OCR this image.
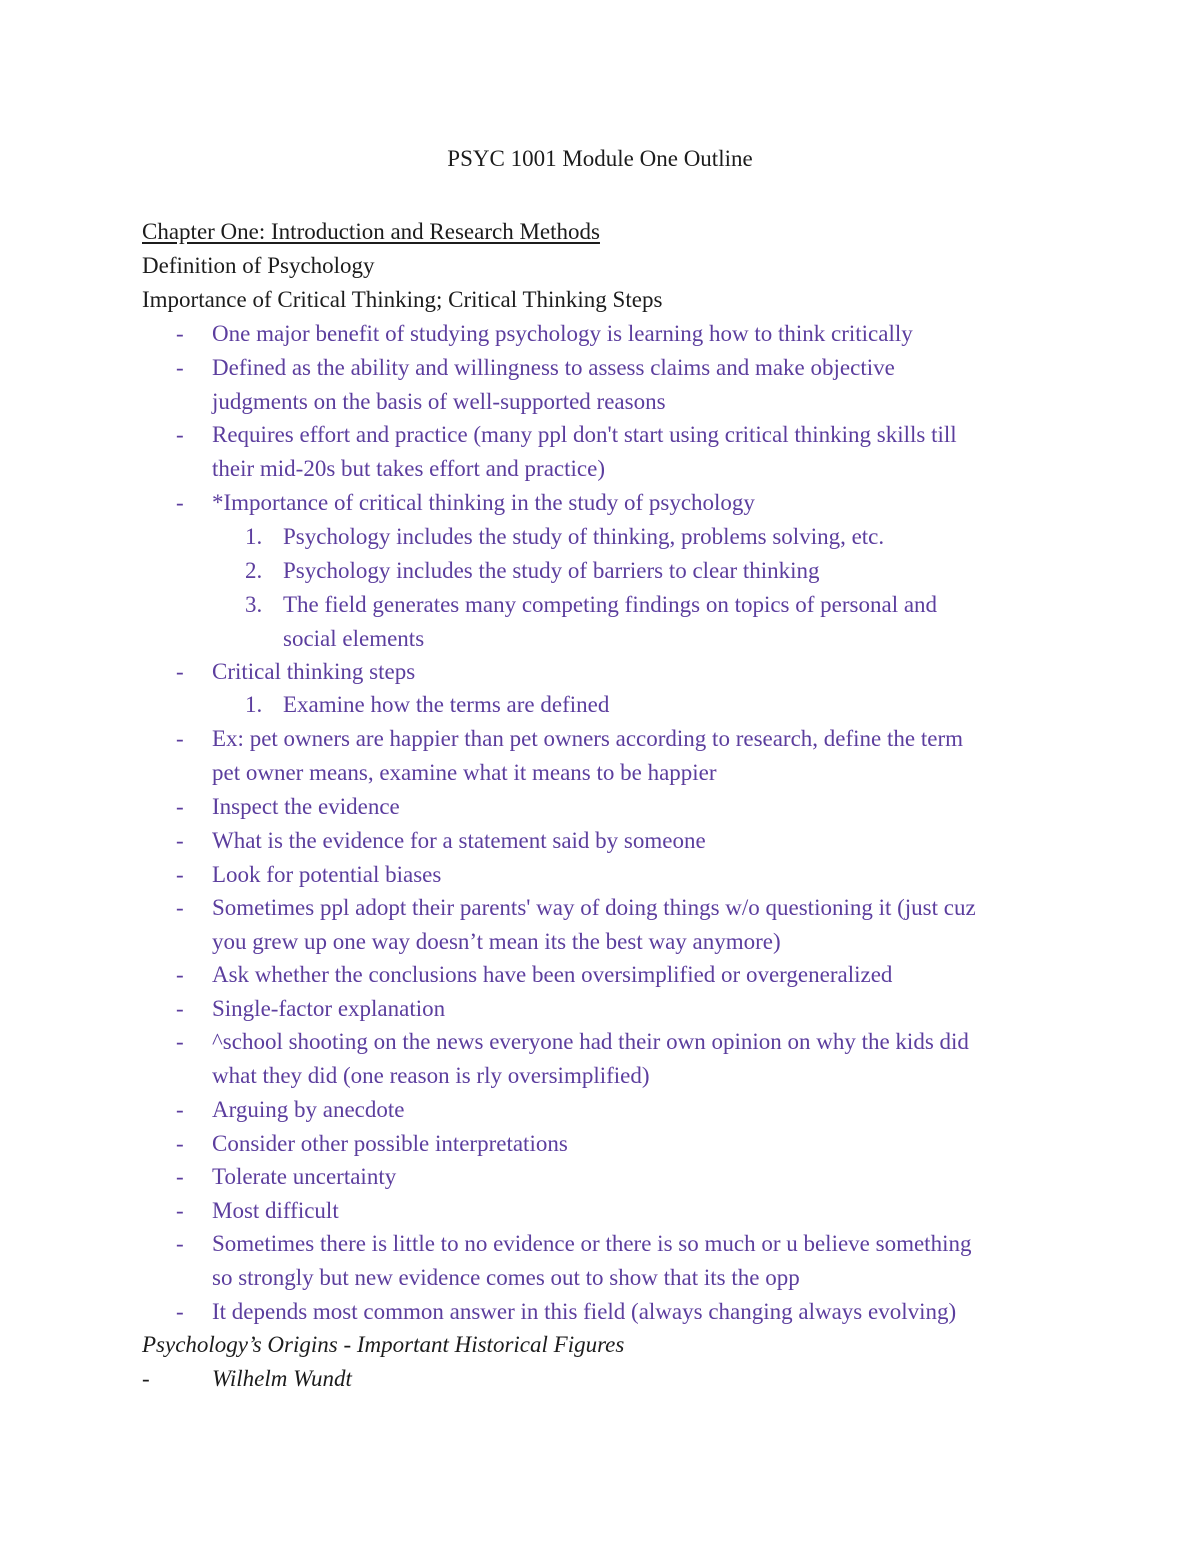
PSYC 1001 Module One Outline
Chapter One: Introduction and Research Methods
Definition of Psychology
Importance of Critical Thinking; Critical Thinking Steps
- One major benefit of studying psychology is learning how to think critically
- Defined as the ability and willingness to assess claims and make objective
judgments on the basis of well-supported reasons
- Requires effort and practice (many ppl don't start using critical thinking skills till
their mid-20s but takes effort and practice)
- *Importance of critical thinking in the study of psychology
1. Psychology includes the study of thinking, problems solving, etc.
2. Psychology includes the study of barriers to clear thinking
3. The field generates many competing findings on topics of personal and
social elements
- Critical thinking steps
1. Examine how the terms are defined
- Ex: pet owners are happier than pet owners according to research, define the term
pet owner means, examine what it means to be happier
- Inspect the evidence
- What is the evidence for a statement said by someone
- Look for potential biases
- Sometimes ppl adopt their parents' way of doing things w/o questioning it (just cuz
you grew up one way doesn’t mean its the best way anymore)
- Ask whether the conclusions have been oversimplified or overgeneralized
- Single-factor explanation
- ^school shooting on the news everyone had their own opinion on why the kids did
what they did (one reason is rly oversimplified)
- Arguing by anecdote
- Consider other possible interpretations
- Tolerate uncertainty
- Most difficult
- Sometimes there is little to no evidence or there is so much or u believe something
so strongly but new evidence comes out to show that its the opp
- It depends most common answer in this field (always changing always evolving)
Psychology’s Origins - Important Historical Figures
-	Wilhelm Wundt
